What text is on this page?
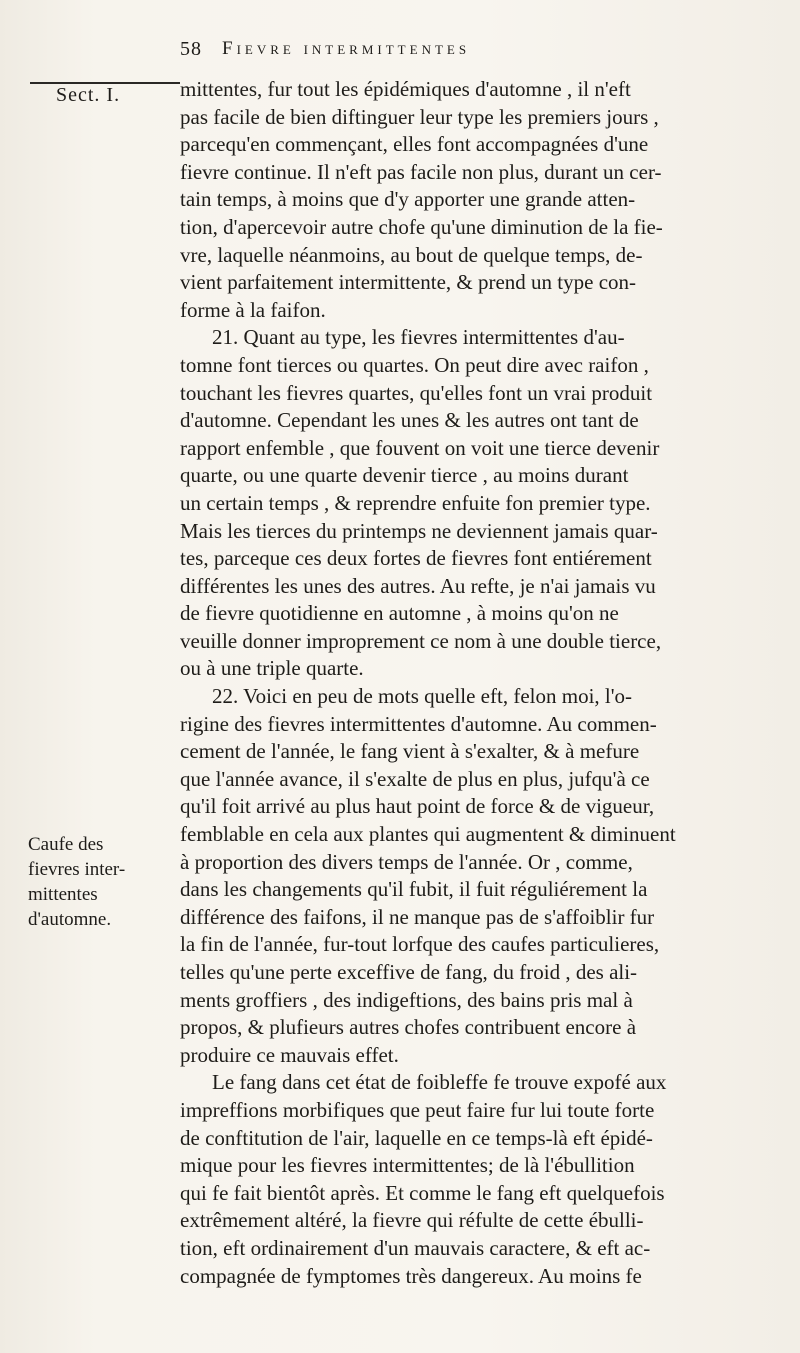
58 Fievre intermittentes
Sect. I.
Caufe des
fievres inter-
mittentes
d'automne.
mittentes, fur tout les épidémiques d'automne , il n'eft
pas facile de bien diftinguer leur type les premiers jours ,
parcequ'en commençant, elles font accompagnées d'une
fievre continue. Il n'eft pas facile non plus, durant un cer-
tain temps, à moins que d'y apporter une grande atten-
tion, d'apercevoir autre chofe qu'une diminution de la fie-
vre, laquelle néanmoins, au bout de quelque temps, de-
vient parfaitement intermittente, & prend un type con-
forme à la faifon.
21. Quant au type, les fievres intermittentes d'au-
tomne font tierces ou quartes. On peut dire avec raifon ,
touchant les fievres quartes, qu'elles font un vrai produit
d'automne. Cependant les unes & les autres ont tant de
rapport enfemble , que fouvent on voit une tierce devenir
quarte, ou une quarte devenir tierce , au moins durant
un certain temps , & reprendre enfuite fon premier type.
Mais les tierces du printemps ne deviennent jamais quar-
tes, parceque ces deux fortes de fievres font entiérement
différentes les unes des autres. Au refte, je n'ai jamais vu
de fievre quotidienne en automne , à moins qu'on ne
veuille donner improprement ce nom à une double tierce,
ou à une triple quarte.
22. Voici en peu de mots quelle eft, felon moi, l'o-
rigine des fievres intermittentes d'automne. Au commen-
cement de l'année, le fang vient à s'exalter, & à mefure
que l'année avance, il s'exalte de plus en plus, jufqu'à ce
qu'il foit arrivé au plus haut point de force & de vigueur,
femblable en cela aux plantes qui augmentent & diminuent
à proportion des divers temps de l'année. Or , comme,
dans les changements qu'il fubit, il fuit réguliérement la
différence des faifons, il ne manque pas de s'affoiblir fur
la fin de l'année, fur-tout lorfque des caufes particulieres,
telles qu'une perte exceffive de fang, du froid , des ali-
ments groffiers , des indigeftions, des bains pris mal à
propos, & plufieurs autres chofes contribuent encore à
produire ce mauvais effet.
Le fang dans cet état de foibleffe fe trouve expofé aux
impreffions morbifiques que peut faire fur lui toute forte
de conftitution de l'air, laquelle en ce temps-là eft épidé-
mique pour les fievres intermittentes; de là l'ébullition
qui fe fait bientôt après. Et comme le fang eft quelquefois
extrêmement altéré, la fievre qui réfulte de cette ébulli-
tion, eft ordinairement d'un mauvais caractere, & eft ac-
compagnée de fymptomes très dangereux. Au moins fe
